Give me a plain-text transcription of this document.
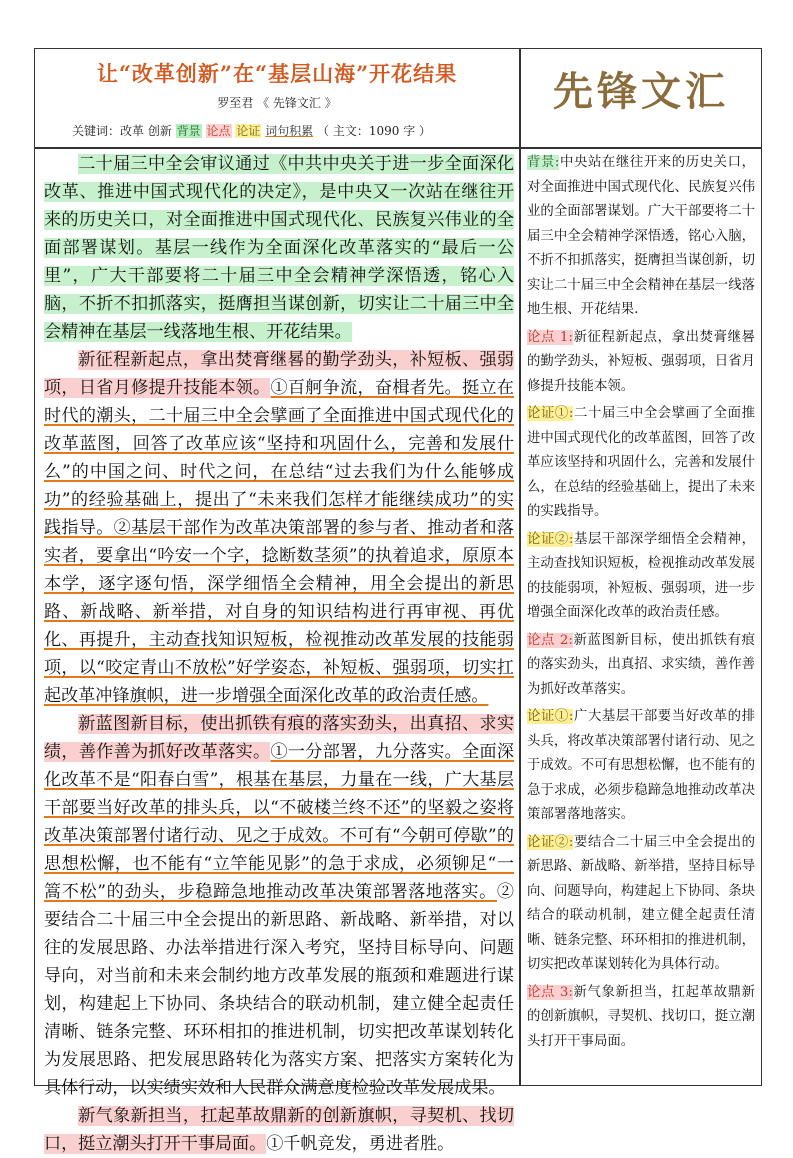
让“改革创新”在“基层山海”开花结果
罗至君 《 先锋文汇 》
关键词：改革 创新 背景 论点 论证 词句积累 （ 主文：1090 字 ）
先锋文汇

二十届三中全会审议通过《中共中央关于进一步全面深化改革、推进中国式现代化的决定》，是中央又一次站在继往开来的历史关口，对全面推进中国式现代化、民族复兴伟业的全面部署谋划。基层一线作为全面深化改革落实的“最后一公里”，广大干部要将二十届三中全会精神学深悟透，铭心入脑，不折不扣抓落实，挺膺担当谋创新，切实让二十届三中全会精神在基层一线落地生根、开花结果。

新征程新起点，拿出焚膏继晷的勤学劲头，补短板、强弱项，日省月修提升技能本领。①百舸争流，奋楫者先。挺立在时代的潮头，二十届三中全会擘画了全面推进中国式现代化的改革蓝图，回答了改革应该“坚持和巩固什么，完善和发展什么”的中国之问、时代之问，在总结“过去我们为什么能够成功”的经验基础上，提出了“未来我们怎样才能继续成功”的实践指导。②基层干部作为改革决策部署的参与者、推动者和落实者，要拿出“吟安一个字，捻断数茎须”的执着追求，原原本本学，逐字逐句悟，深学细悟全会精神，用全会提出的新思路、新战略、新举措，对自身的知识结构进行再审视、再优化、再提升，主动查找知识短板，检视推动改革发展的技能弱项，以“咬定青山不放松”好学姿态，补短板、强弱项，切实扛起改革冲锋旗帜，进一步增强全面深化改革的政治责任感。

新蓝图新目标，使出抓铁有痕的落实劲头，出真招、求实绩，善作善为抓好改革落实。①一分部署，九分落实。全面深化改革不是“阳春白雪”，根基在基层，力量在一线，广大基层干部要当好改革的排头兵，以“不破楼兰终不还”的坚毅之姿将改革决策部署付诸行动、见之于成效。不可有“今朝可停歇”的思想松懈，也不能有“立竿能见影”的急于求成，必须铆足“一篙不松”的劲头，步稳蹄急地推动改革决策部署落地落实。②要结合二十届三中全会提出的新思路、新战略、新举措，对以往的发展思路、办法举措进行深入考究，坚持目标导向、问题导向，对当前和未来会制约地方改革发展的瓶颈和难题进行谋划，构建起上下协同、条块结合的联动机制，建立健全起责任清晰、链条完整、环环相扣的推进机制，切实把改革谋划转化为发展思路、把发展思路转化为落实方案、把落实方案转化为具体行动，以实绩实效和人民群众满意度检验改革发展成果。

新气象新担当，扛起革故鼎新的创新旗帜，寻契机、找切口，挺立潮头打开干事局面。①千帆竞发，勇进者胜。

背景:中央站在继往开来的历史关口，对全面推进中国式现代化、民族复兴伟业的全面部署谋划。广大干部要将二十届三中全会精神学深悟透，铭心入脑，不折不扣抓落实，挺膺担当谋创新，切实让二十届三中全会精神在基层一线落地生根、开花结果.

论点 1:新征程新起点，拿出焚膏继晷的勤学劲头，补短板、强弱项，日省月修提升技能本领。

论证①:二十届三中全会擘画了全面推进中国式现代化的改革蓝图，回答了改革应该坚持和巩固什么，完善和发展什么，在总结的经验基础上，提出了未来的实践指导。

论证②:基层干部深学细悟全会精神，主动查找知识短板，检视推动改革发展的技能弱项，补短板、强弱项，进一步增强全面深化改革的政治责任感。

论点 2:新蓝图新目标，使出抓铁有痕的落实劲头，出真招、求实绩，善作善为抓好改革落实。

论证①:广大基层干部要当好改革的排头兵，将改革决策部署付诸行动、见之于成效。不可有思想松懈，也不能有的急于求成，必须步稳蹄急地推动改革决策部署落地落实。

论证②:要结合二十届三中全会提出的新思路、新战略、新举措，坚持目标导向、问题导向，构建起上下协同、条块结合的联动机制，建立健全起责任清晰、链条完整、环环相扣的推进机制，切实把改革谋划转化为具体行动。

论点 3:新气象新担当，扛起革故鼎新的创新旗帜，寻契机、找切口，挺立潮头打开干事局面。
